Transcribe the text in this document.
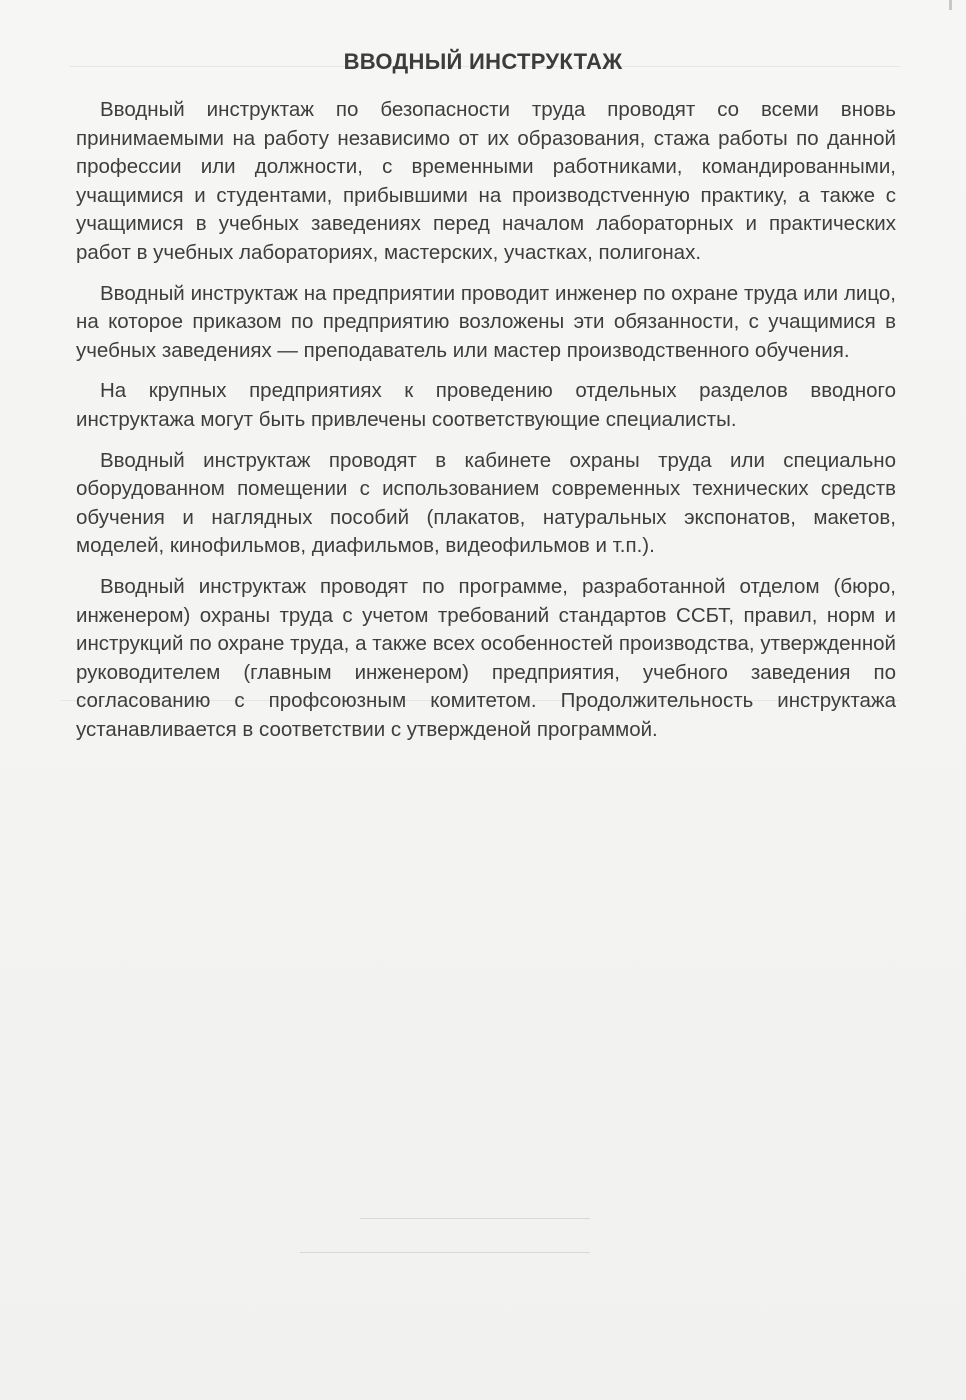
ВВОДНЫЙ ИНСТРУКТАЖ

Вводный инструктаж по безопасности труда проводят со всеми вновь принимаемыми на работу независимо от их образования, стажа работы по данной профессии или должности, с временными работниками, командированными, учащимися и студентами, прибывшими на производстvенную практику, а также с учащимися в учебных заведениях перед началом лабораторных и практических работ в учебных лабораториях, мастерских, участках, полигонах.

Вводный инструктаж на предприятии проводит инженер по охране труда или лицо, на которое приказом по предприятию возложены эти обязанности, с учащимися в учебных заведениях — преподаватель или мастер производственного обучения.

На крупных предприятиях к проведению отдельных разделов вводного инструктажа могут быть привлечены соответствующие специалисты.

Вводный инструктаж проводят в кабинете охраны труда или специально оборудованном помещении с использованием современных технических средств обучения и наглядных пособий (плакатов, натуральных экспонатов, макетов, моделей, кинофильмов, диафильмов, видеофильмов и т.п.).

Вводный инструктаж проводят по программе, разработанной отделом (бюро, инженером) охраны труда с учетом требований стандартов ССБТ, правил, норм и инструкций по охране труда, а также всех особенностей производства, утвержденной руководителем (главным инженером) предприятия, учебного заведения по согласованию с профсоюзным комитетом. Продолжительность инструктажа устанавливается в соответствии с утвержденой программой.
